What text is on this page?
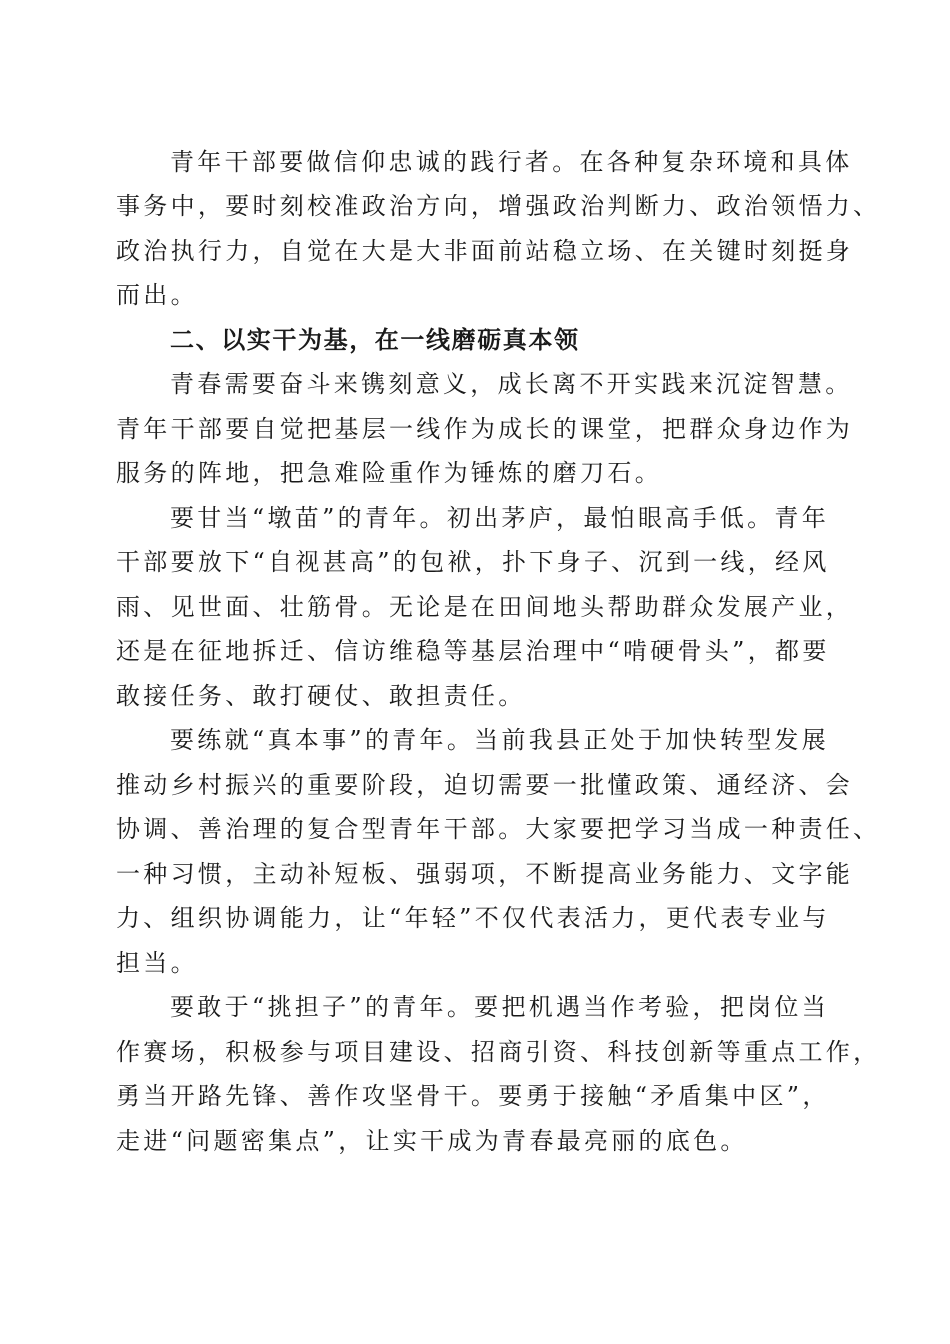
青年干部要做信仰忠诚的践行者。在各种复杂环境和具体
事务中，要时刻校准政治方向，增强政治判断力、政治领悟力、
政治执行力，自觉在大是大非面前站稳立场、在关键时刻挺身
而出。
二、以实干为基，在一线磨砺真本领
青春需要奋斗来镌刻意义，成长离不开实践来沉淀智慧。
青年干部要自觉把基层一线作为成长的课堂，把群众身边作为
服务的阵地，把急难险重作为锤炼的磨刀石。
要甘当“墩苗”的青年。初出茅庐，最怕眼高手低。青年
干部要放下“自视甚高”的包袱，扑下身子、沉到一线，经风
雨、见世面、壮筋骨。无论是在田间地头帮助群众发展产业，
还是在征地拆迁、信访维稳等基层治理中“啃硬骨头”，都要
敢接任务、敢打硬仗、敢担责任。
要练就“真本事”的青年。当前我县正处于加快转型发展
推动乡村振兴的重要阶段，迫切需要一批懂政策、通经济、会
协调、善治理的复合型青年干部。大家要把学习当成一种责任、
一种习惯，主动补短板、强弱项，不断提高业务能力、文字能
力、组织协调能力，让“年轻”不仅代表活力，更代表专业与
担当。
要敢于“挑担子”的青年。要把机遇当作考验，把岗位当
作赛场，积极参与项目建设、招商引资、科技创新等重点工作，
勇当开路先锋、善作攻坚骨干。要勇于接触“矛盾集中区”，
走进“问题密集点”，让实干成为青春最亮丽的底色。
